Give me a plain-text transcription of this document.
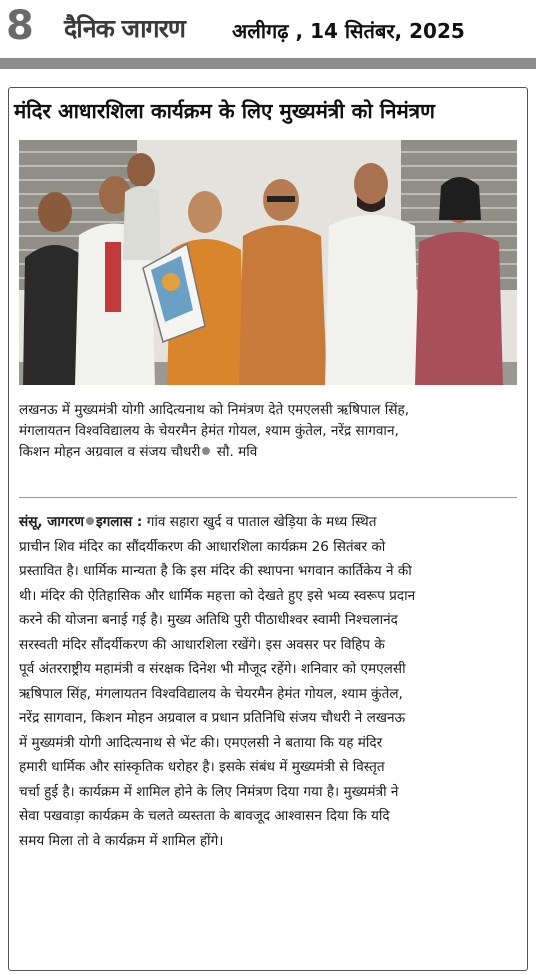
8 दैनिक जागरण अलीगढ़ , 14 सितंबर, 2025
मंदिर आधारशिला कार्यक्रम के लिए मुख्यमंत्री को निमंत्रण
लखनऊ में मुख्यमंत्री योगी आदित्यनाथ को निमंत्रण देते एमएलसी ऋषिपाल सिंह,
मंगलायतन विश्वविद्यालय के चेयरमैन हेमंत गोयल, श्याम कुंतेल, नरेंद्र सागवान,
किशन मोहन अग्रवाल व संजय चौधरी सौ. मवि
संसू, जागरण इगलास : गांव सहारा खुर्द व पाताल खेड़िया के मध्य स्थित
प्राचीन शिव मंदिर का सौंदर्यीकरण की आधारशिला कार्यक्रम 26 सितंबर को
प्रस्तावित है। धार्मिक मान्यता है कि इस मंदिर की स्थापना भगवान कार्तिकेय ने की
थी। मंदिर की ऐतिहासिक और धार्मिक महत्ता को देखते हुए इसे भव्य स्वरूप प्रदान
करने की योजना बनाई गई है। मुख्य अतिथि पुरी पीठाधीश्वर स्वामी निश्चलानंद
सरस्वती मंदिर सौंदर्यीकरण की आधारशिला रखेंगे। इस अवसर पर विहिप के
पूर्व अंतरराष्ट्रीय महामंत्री व संरक्षक दिनेश भी मौजूद रहेंगे। शनिवार को एमएलसी
ऋषिपाल सिंह, मंगलायतन विश्वविद्यालय के चेयरमैन हेमंत गोयल, श्याम कुंतेल,
नरेंद्र सागवान, किशन मोहन अग्रवाल व प्रधान प्रतिनिधि संजय चौधरी ने लखनऊ
में मुख्यमंत्री योगी आदित्यनाथ से भेंट की। एमएलसी ने बताया कि यह मंदिर
हमारी धार्मिक और सांस्कृतिक धरोहर है। इसके संबंध में मुख्यमंत्री से विस्तृत
चर्चा हुई है। कार्यक्रम में शामिल होने के लिए निमंत्रण दिया गया है। मुख्यमंत्री ने
सेवा पखवाड़ा कार्यक्रम के चलते व्यस्तता के बावजूद आश्वासन दिया कि यदि
समय मिला तो वे कार्यक्रम में शामिल होंगे।
